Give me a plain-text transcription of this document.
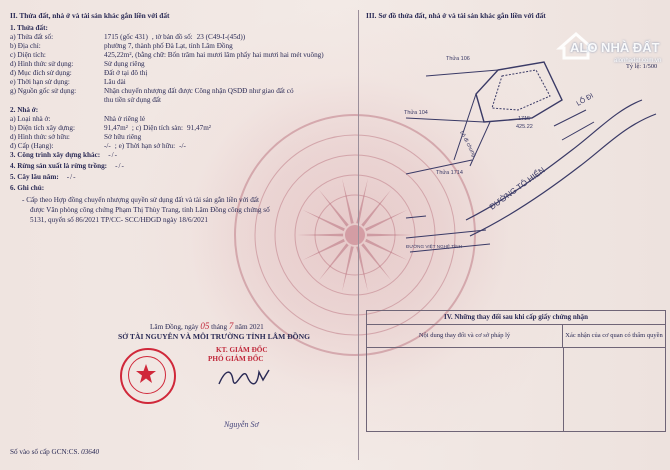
II. Thửa đất, nhà ở và tài sản khác gắn liền với đất
1. Thửa đất:
a) Thửa đất số:	1715 (gốc 431) , tờ bản đồ số: 23 (C49-I-(45d))
b) Địa chỉ:	phường 7, thành phố Đà Lạt, tỉnh Lâm Đồng
c) Diện tích:	425,22m², (bằng chữ: Bốn trăm hai mươi lăm phẩy hai mươi hai mét vuông)
d) Hình thức sử dụng:	Sử dụng riêng
đ) Mục đích sử dụng:	Đất ở tại đô thị
e) Thời hạn sử dụng:	Lâu dài
g) Nguồn gốc sử dụng:	Nhận chuyển nhượng đất được Công nhận QSDĐ như giao đất có
thu tiền sử dụng đất
2. Nhà ở:
a) Loại nhà ở:	Nhà ở riêng lẻ
b) Diện tích xây dựng:	91,47m² ; c) Diện tích sàn: 91,47m²
d) Hình thức sở hữu:	Sở hữu riêng
đ) Cấp (Hạng):	-/- ; e) Thời hạn sở hữu: -/-
3. Công trình xây dựng khác: -/-
4. Rừng sản xuất là rừng trồng: -/-
5. Cây lâu năm: -/-
6. Ghi chú:
- Cấp theo Hợp đồng chuyển nhượng quyền sử dụng đất và tài sản gắn liền với đất
được Văn phòng công chứng Phạm Thị Thùy Trang, tỉnh Lâm Đồng công chứng số
5131, quyển số 86/2021 TP/CC- SCC/HĐGD ngày 18/6/2021
Lâm Đồng, ngày 05 tháng 7 năm 2021
SỞ TÀI NGUYÊN VÀ MÔI TRƯỜNG TỈNH LÂM ĐỒNG
KT. GIÁM ĐỐC
PHÓ GIÁM ĐỐC
Nguyễn Sơ
Số vào sổ cấp GCN:CS. 03640
III. Sơ đồ thửa đất, nhà ở và tài sản khác gắn liền với đất
Tỷ lệ: 1/500
Thửa 106
Thửa 104
Thửa 1714
1715
425.22
Lô đi chung
LỐ ĐI
ĐƯỜNG TÔ HIẾN
ĐƯỜNG VIỆT NGHỆ TĨNH
IV. Những thay đổi sau khi cấp giấy chứng nhận
Nội dung thay đổi và cơ sở pháp lý	Xác nhận của cơ quan có thẩm quyền
ALO NHÀ ĐẤT
alonhadat.com.vn
